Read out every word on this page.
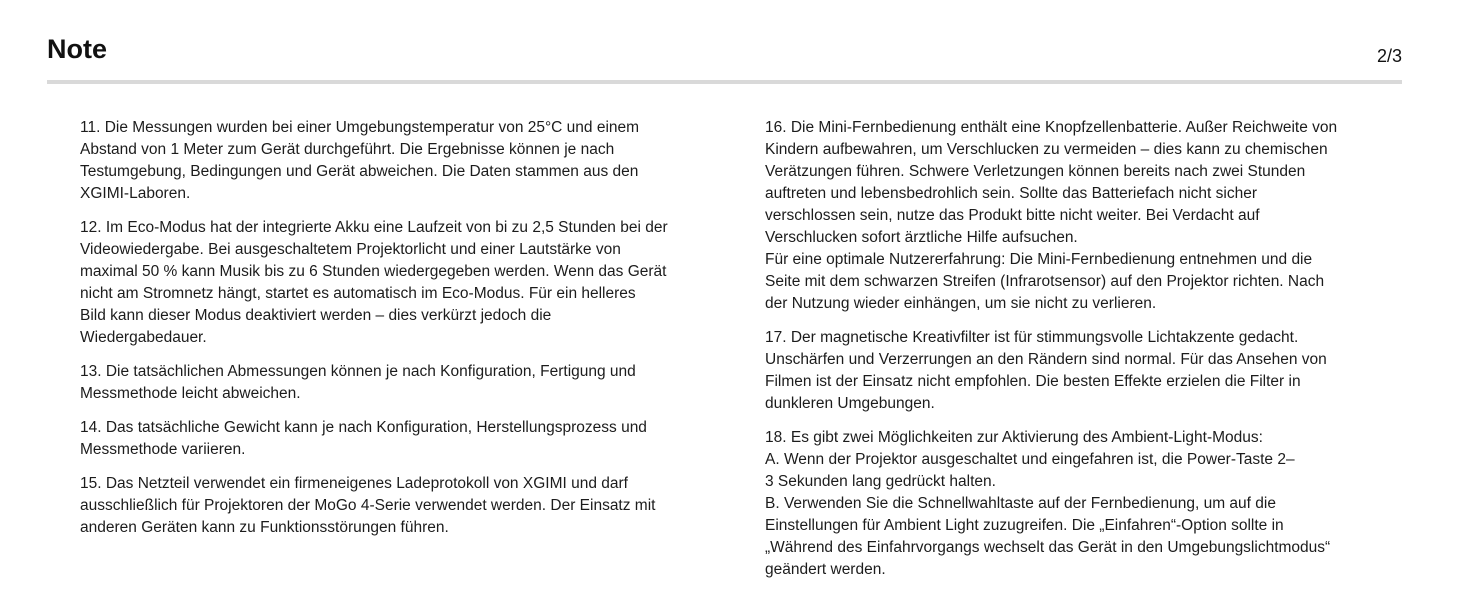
Note	2/3

11. Die Messungen wurden bei einer Umgebungstemperatur von 25°C und einem
Abstand von 1 Meter zum Gerät durchgeführt. Die Ergebnisse können je nach
Testumgebung, Bedingungen und Gerät abweichen. Die Daten stammen aus den
XGIMI-Laboren.

12. Im Eco-Modus hat der integrierte Akku eine Laufzeit von bi zu 2,5 Stunden bei der
Videowiedergabe. Bei ausgeschaltetem Projektorlicht und einer Lautstärke von
maximal 50 % kann Musik bis zu 6 Stunden wiedergegeben werden. Wenn das Gerät
nicht am Stromnetz hängt, startet es automatisch im Eco-Modus. Für ein helleres
Bild kann dieser Modus deaktiviert werden – dies verkürzt jedoch die
Wiedergabedauer.

13. Die tatsächlichen Abmessungen können je nach Konfiguration, Fertigung und
Messmethode leicht abweichen.

14. Das tatsächliche Gewicht kann je nach Konfiguration, Herstellungsprozess und
Messmethode variieren.

15. Das Netzteil verwendet ein firmeneigenes Ladeprotokoll von XGIMI und darf
ausschließlich für Projektoren der MoGo 4-Serie verwendet werden. Der Einsatz mit
anderen Geräten kann zu Funktionsstörungen führen.

16. Die Mini-Fernbedienung enthält eine Knopfzellenbatterie. Außer Reichweite von
Kindern aufbewahren, um Verschlucken zu vermeiden – dies kann zu chemischen
Verätzungen führen. Schwere Verletzungen können bereits nach zwei Stunden
auftreten und lebensbedrohlich sein. Sollte das Batteriefach nicht sicher
verschlossen sein, nutze das Produkt bitte nicht weiter. Bei Verdacht auf
Verschlucken sofort ärztliche Hilfe aufsuchen.
Für eine optimale Nutzererfahrung: Die Mini-Fernbedienung entnehmen und die
Seite mit dem schwarzen Streifen (Infrarotsensor) auf den Projektor richten. Nach
der Nutzung wieder einhängen, um sie nicht zu verlieren.

17. Der magnetische Kreativfilter ist für stimmungsvolle Lichtakzente gedacht.
Unschärfen und Verzerrungen an den Rändern sind normal. Für das Ansehen von
Filmen ist der Einsatz nicht empfohlen. Die besten Effekte erzielen die Filter in
dunkleren Umgebungen.

18. Es gibt zwei Möglichkeiten zur Aktivierung des Ambient-Light-Modus:
A. Wenn der Projektor ausgeschaltet und eingefahren ist, die Power-Taste 2–
3 Sekunden lang gedrückt halten.
B. Verwenden Sie die Schnellwahltaste auf der Fernbedienung, um auf die
Einstellungen für Ambient Light zuzugreifen. Die „Einfahren“-Option sollte in
„Während des Einfahrvorgangs wechselt das Gerät in den Umgebungslichtmodus“
geändert werden.
